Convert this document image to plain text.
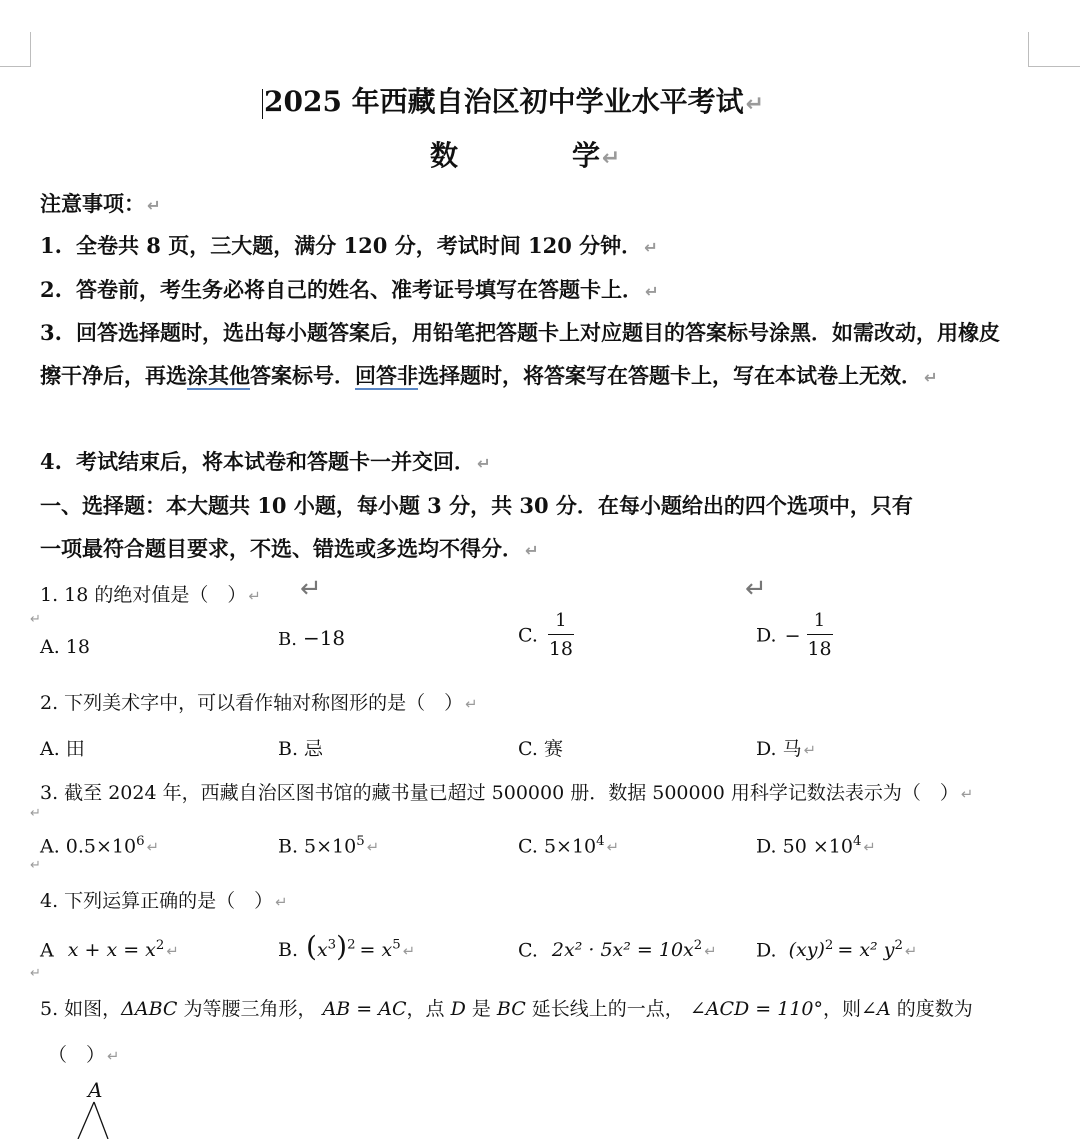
2025 年西藏自治区初中学业水平考试↵
数	学↵
注意事项： ↵
1. 全卷共 8 页，三大题，满分 120 分，考试时间 120 分钟． ↵
2. 答卷前，考生务必将自己的姓名、准考证号填写在答题卡上． ↵
3. 回答选择题时，选出每小题答案后，用铅笔把答题卡上对应题目的答案标号涂黑．如需改动，用橡皮擦干净后，再选涂其他答案标号．回答非选择题时，将答案写在答题卡上，写在本试卷上无效． ↵
4. 考试结束后，将本试卷和答题卡一并交回． ↵
一、选择题：本大题共 10 小题，每小题 3 分，共 30 分．在每小题给出的四个选项中，只有
一项最符合题目要求，不选、错选或多选均不得分． ↵
1. 18 的绝对值是（　） ↵ ↵	↵
↵
A. 18	B. −18	C. $\frac{1}{18}$	D. − $\frac{1}{18}$
2. 下列美术字中，可以看作轴对称图形的是（　） ↵
A. 田	B. 忌	C. 赛	D. 马 ↵
3. 截至 2024 年，西藏自治区图书馆的藏书量已超过 500000 册．数据 500000 用科学记数法表示为（　） ↵
↵
A. $0.5\times 10^6$ ↵	B. $5\times 10^5$ ↵	C. $5\times 10^4$ ↵	D. $50 \times 10^4$ ↵
↵
4. 下列运算正确的是（　） ↵
A $x + x = x^2$ ↵	B. $(x^3)^2 = x^5$ ↵	C. $2x^2 \cdot 5x^2 = 10x^2$ ↵ D. (xy)$^2$ = x² $y^2$ ↵
↵
5. 如图，ΔABC 为等腰三角形， AB = AC，点 D 是 BC 延长线上的一点， ∠ACD = 110°，则∠A 的度数为
（　） ↵
A
